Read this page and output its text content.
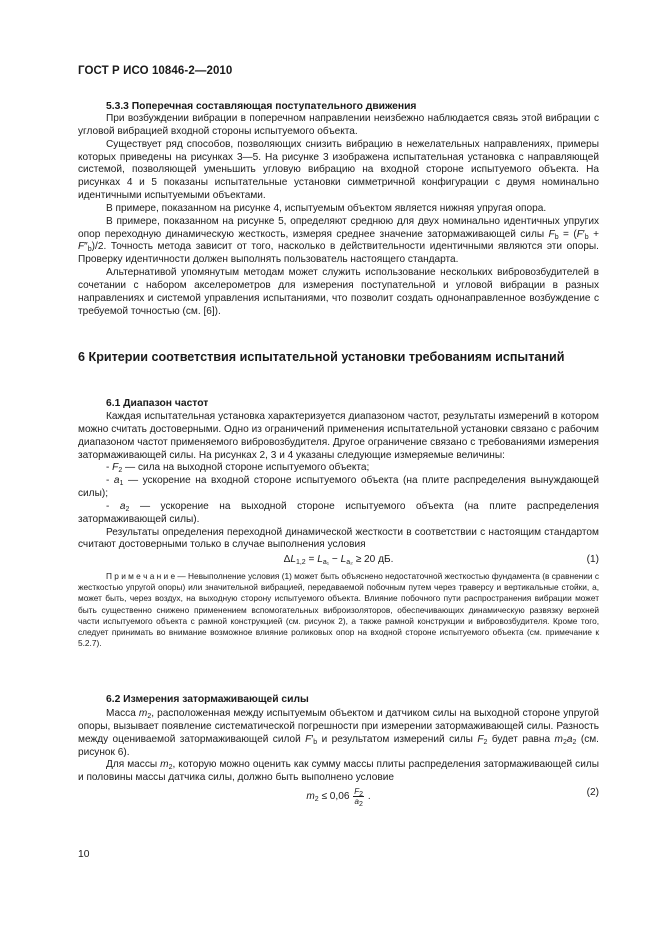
ГОСТ Р ИСО 10846-2—2010
5.3.3 Поперечная составляющая поступательного движения

При возбуждении вибрации в поперечном направлении неизбежно наблюдается связь этой вибрации с угловой вибрацией входной стороны испытуемого объекта.

Существует ряд способов, позволяющих снизить вибрацию в нежелательных направлениях, примеры которых приведены на рисунках 3—5. На рисунке 3 изображена испытательная установка с направляющей системой, позволяющей уменьшить угловую вибрацию на входной стороне испытуемого объекта. На рисунках 4 и 5 показаны испытательные установки симметричной конфигурации с двумя номинально идентичными испытуемыми объектами.

В примере, показанном на рисунке 4, испытуемым объектом является нижняя упругая опора.

В примере, показанном на рисунке 5, определяют среднюю для двух номинально идентичных упругих опор переходную динамическую жесткость, измеряя среднее значение затормаживающей силы $F_b = (F'_b + F''_b)/2$. Точность метода зависит от того, насколько в действительности идентичными являются эти опоры. Проверку идентичности должен выполнять пользователь настоящего стандарта.

Альтернативой упомянутым методам может служить использование нескольких вибровозбудителей в сочетании с набором акселерометров для измерения поступательной и угловой вибрации в разных направлениях и системой управления испытаниями, что позволит создать однонаправленное возбуждение с требуемой точностью (см. [6]).

6 Критерии соответствия испытательной установки требованиям испытаний
6.1 Диапазон частот

Каждая испытательная установка характеризуется диапазоном частот, результаты измерений в котором можно считать достоверными. Одно из ограничений применения испытательной установки связано с рабочим диапазоном частот применяемого вибровозбудителя. Другое ограничение связано с требованиями измерения затормаживающей силы. На рисунках 2, 3 и 4 указаны следующие измеряемые величины:

- $F_2$ — сила на выходной стороне испытуемого объекта;

- $a_1$ — ускорение на входной стороне испытуемого объекта (на плите распределения вынуждающей силы);

- $a_2$ — ускорение на выходной стороне испытуемого объекта (на плите распределения затормаживающей силы).

Результаты определения переходной динамической жесткости в соответствии с настоящим стандартом считают достоверными только в случае выполнения условия

$\Delta L_{1,2} = L_{a_1} - L_{a_2} \ge 20$ дБ.	(1)

П р и м е ч а н и е — Невыполнение условия (1) может быть объяснено недостаточной жесткостью фундамента (в сравнении с жесткостью упругой опоры) или значительной вибрацией, передаваемой побочным путем через траверсу и вертикальные стойки, а, может быть, через воздух, на выходную сторону испытуемого объекта. Влияние побочного пути распространения вибрации может быть существенно снижено применением вспомогательных виброизоляторов, обеспечивающих динамическую развязку верхней части испытуемого объекта с рамной конструкцией (см. рисунок 2), а также рамной конструкции и вибровозбудителя. Кроме того, следует принимать во внимание возможное влияние роликовых опор на входной стороне испытуемого объекта (см. примечание к 5.2.7).

6.2 Измерения затормаживающей силы

Масса $m_2$, расположенная между испытуемым объектом и датчиком силы на выходной стороне упругой опоры, вызывает появление систематической погрешности при измерении затормаживающей силы. Разность между оцениваемой затормаживающей силой $F'_b$ и результатом измерений силы $F_2$ будет равна $m_2a_2$ (см. рисунок 6).

Для массы $m_2$, которую можно оценить как сумму массы плиты распределения затормаживающей силы и половины массы датчика силы, должно быть выполнено условие

$m_2 \le 0,06 \frac{F_2}{a_2}$ .	(2)
10
